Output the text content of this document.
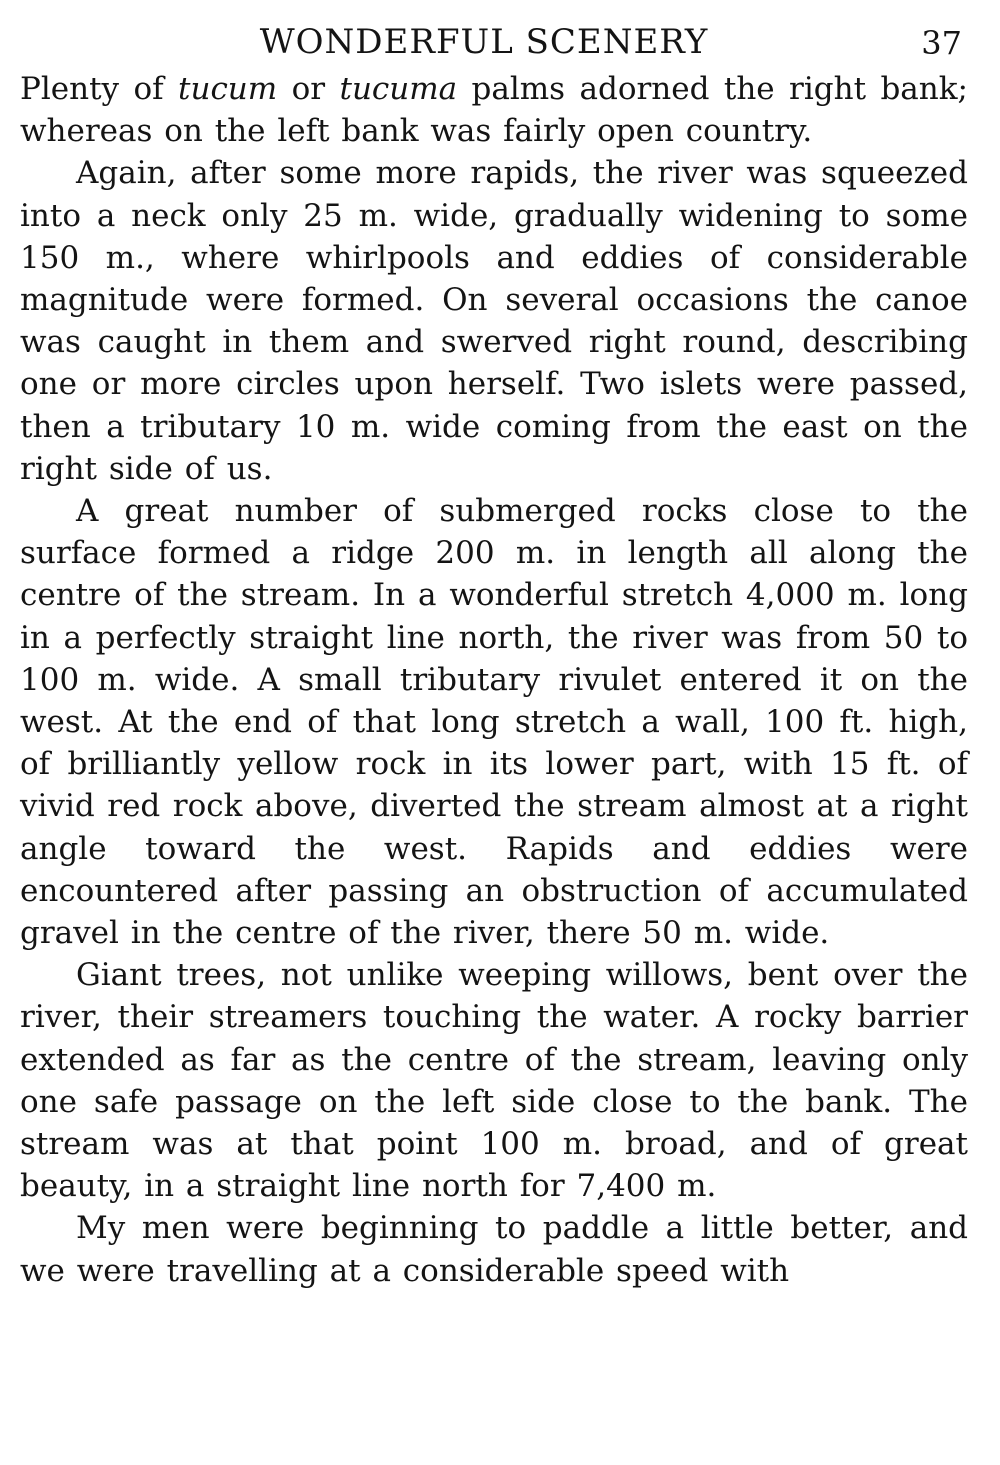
WONDERFUL SCENERY	37

Plenty of tucum or tucuma palms adorned the right bank; whereas on the left bank was fairly open country.

Again, after some more rapids, the river was squeezed into a neck only 25 m. wide, gradually widening to some 150 m., where whirlpools and eddies of considerable magnitude were formed. On several occasions the canoe was caught in them and swerved right round, describing one or more circles upon herself. Two islets were passed, then a tributary 10 m. wide coming from the east on the right side of us.

A great number of submerged rocks close to the surface formed a ridge 200 m. in length all along the centre of the stream. In a wonderful stretch 4,000 m. long in a perfectly straight line north, the river was from 50 to 100 m. wide. A small tributary rivulet entered it on the west. At the end of that long stretch a wall, 100 ft. high, of brilliantly yellow rock in its lower part, with 15 ft. of vivid red rock above, diverted the stream almost at a right angle toward the west. Rapids and eddies were encountered after passing an obstruction of accumulated gravel in the centre of the river, there 50 m. wide.

Giant trees, not unlike weeping willows, bent over the river, their streamers touching the water. A rocky barrier extended as far as the centre of the stream, leaving only one safe passage on the left side close to the bank. The stream was at that point 100 m. broad, and of great beauty, in a straight line north for 7,400 m.

My men were beginning to paddle a little better, and we were travelling at a considerable speed with
